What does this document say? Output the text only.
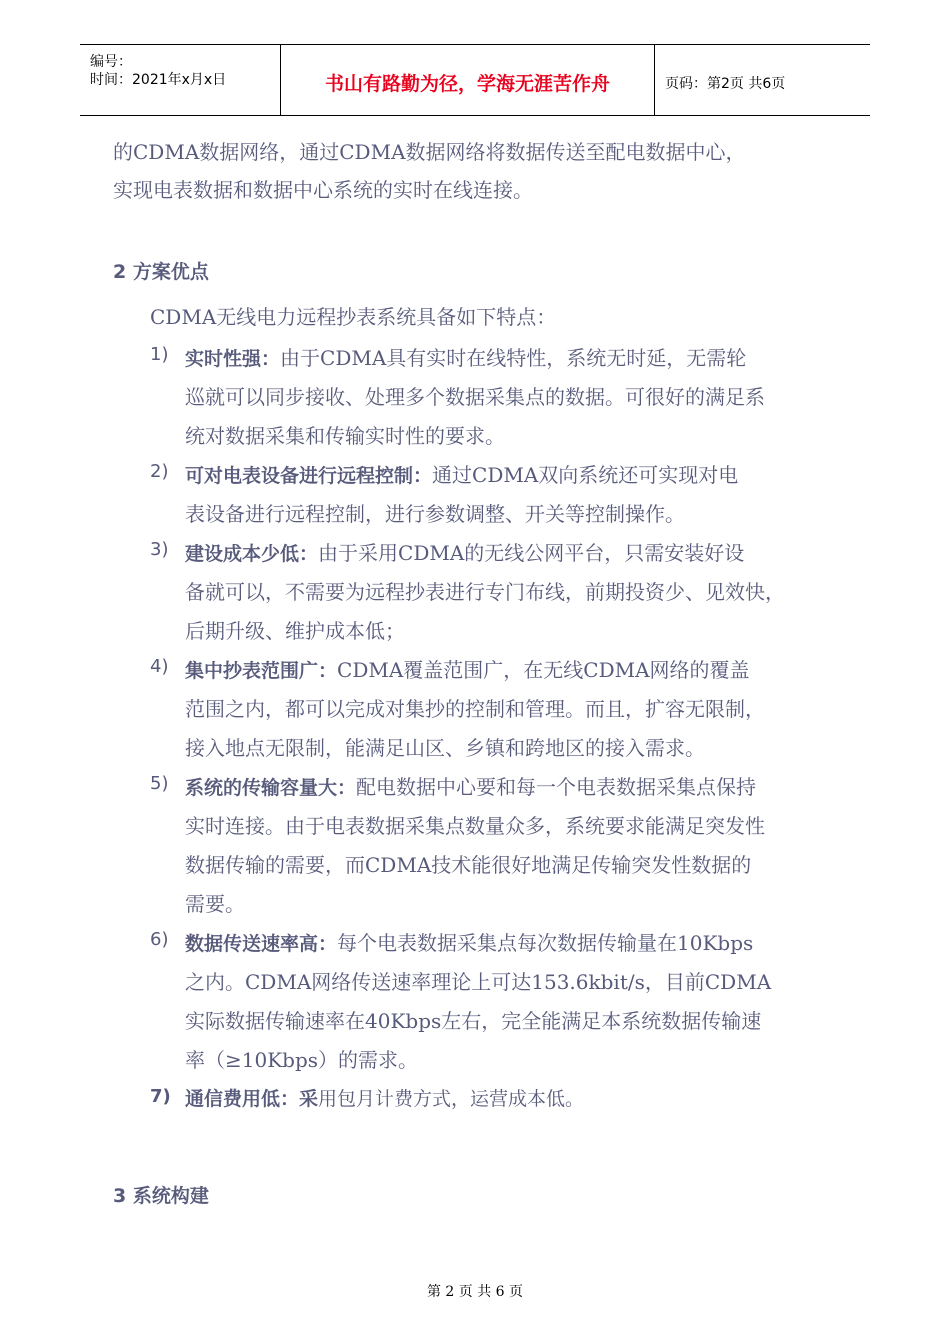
编号：
时间：2021年x月x日	书山有路勤为径，学海无涯苦作舟	页码：第2页 共6页
的CDMA数据网络，通过CDMA数据网络将数据传送至配电数据中心，
实现电表数据和数据中心系统的实时在线连接。
2 方案优点
CDMA无线电力远程抄表系统具备如下特点：
1) 实时性强：由于CDMA具有实时在线特性，系统无时延，无需轮
巡就可以同步接收、处理多个数据采集点的数据。可很好的满足系
统对数据采集和传输实时性的要求。
2) 可对电表设备进行远程控制：通过CDMA双向系统还可实现对电
表设备进行远程控制，进行参数调整、开关等控制操作。
3) 建设成本少低：由于采用CDMA的无线公网平台，只需安装好设
备就可以，不需要为远程抄表进行专门布线，前期投资少、见效快，
后期升级、维护成本低；
4) 集中抄表范围广：CDMA覆盖范围广，在无线CDMA网络的覆盖
范围之内，都可以完成对集抄的控制和管理。而且，扩容无限制，
接入地点无限制，能满足山区、乡镇和跨地区的接入需求。
5) 系统的传输容量大：配电数据中心要和每一个电表数据采集点保持
实时连接。由于电表数据采集点数量众多，系统要求能满足突发性
数据传输的需要，而CDMA技术能很好地满足传输突发性数据的
需要。
6) 数据传送速率高：每个电表数据采集点每次数据传输量在10Kbps
之内。CDMA网络传送速率理论上可达153.6kbit/s，目前CDMA
实际数据传输速率在40Kbps左右，完全能满足本系统数据传输速
率（≥10Kbps）的需求。
7) 通信费用低：采用包月计费方式，运营成本低。
3 系统构建
第 2 页 共 6 页
